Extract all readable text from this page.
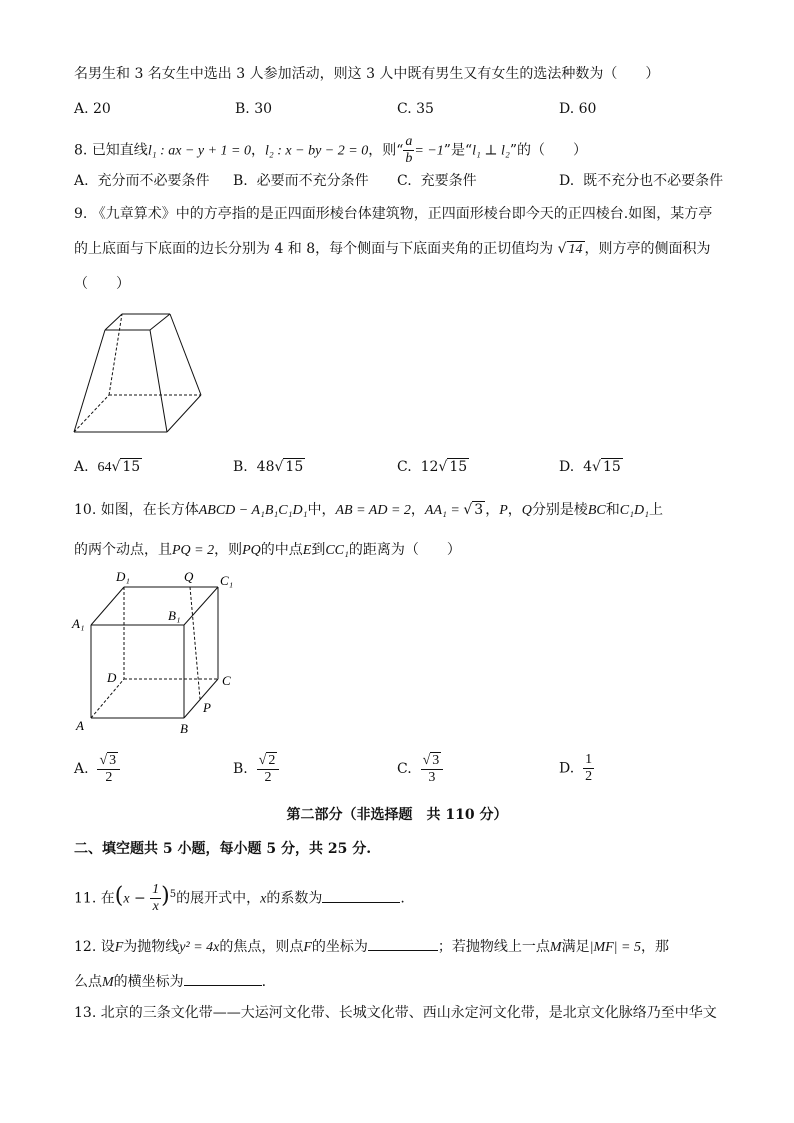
名男生和 3 名女生中选出 3 人参加活动，则这 3 人中既有男生又有女生的选法种数为（　　）
A. 20	B. 30	C. 35	D. 60
8. 已知直线l₁ : ax − y + 1 = 0，l₂ : x − by − 2 = 0，则“ $\frac{a}{b} = -1$”是“l₁ ⊥ l₂”的（　　）
A. 充分而不必要条件 B. 必要而不充分条件 C. 充要条件	D. 既不充分也不必要条件
9. 《九章算术》中的方亭指的是正四面形棱台体建筑物，正四面形棱台即今天的正四棱台.如图，某方亭
的上底面与下底面的边长分别为 4 和 8，每个侧面与下底面夹角的正切值均为 √ 14 ，则方亭的侧面积为
（　　）
A. 64√ 15	B. 48√ 15	C. 12√ 15	D. 4√ 15
10. 如图，在长方体ABCD − A₁B₁C₁D₁中，AB = AD = 2，AA₁ = √ 3 ，P，Q分别是棱BC和C₁D₁上
的两个动点，且PQ = 2，则PQ的中点E到CC₁的距离为（　　）
D₁	Q C₁
A₁
B₁
D	C
P
A	B
A. $\frac{√ 3}{2}$	B. $\frac{√ 2}{2}$	C. $\frac{√ 3}{3}$	D. $\frac{1}{2}$
第二部分（非选择题　共 110 分）
二、填空题共 5 小题，每小题 5 分，共 25 分.
11. 在$(x - \frac{1}{x} )^5$的展开式中，x的系数为	.
12. 设F为抛物线y² = 4x的焦点，则点F的坐标为	；若抛物线上一点M满足|MF| = 5，那
么点M的横坐标为	.
13. 北京的三条文化带——大运河文化带、长城文化带、西山永定河文化带，是北京文化脉络乃至中华文
